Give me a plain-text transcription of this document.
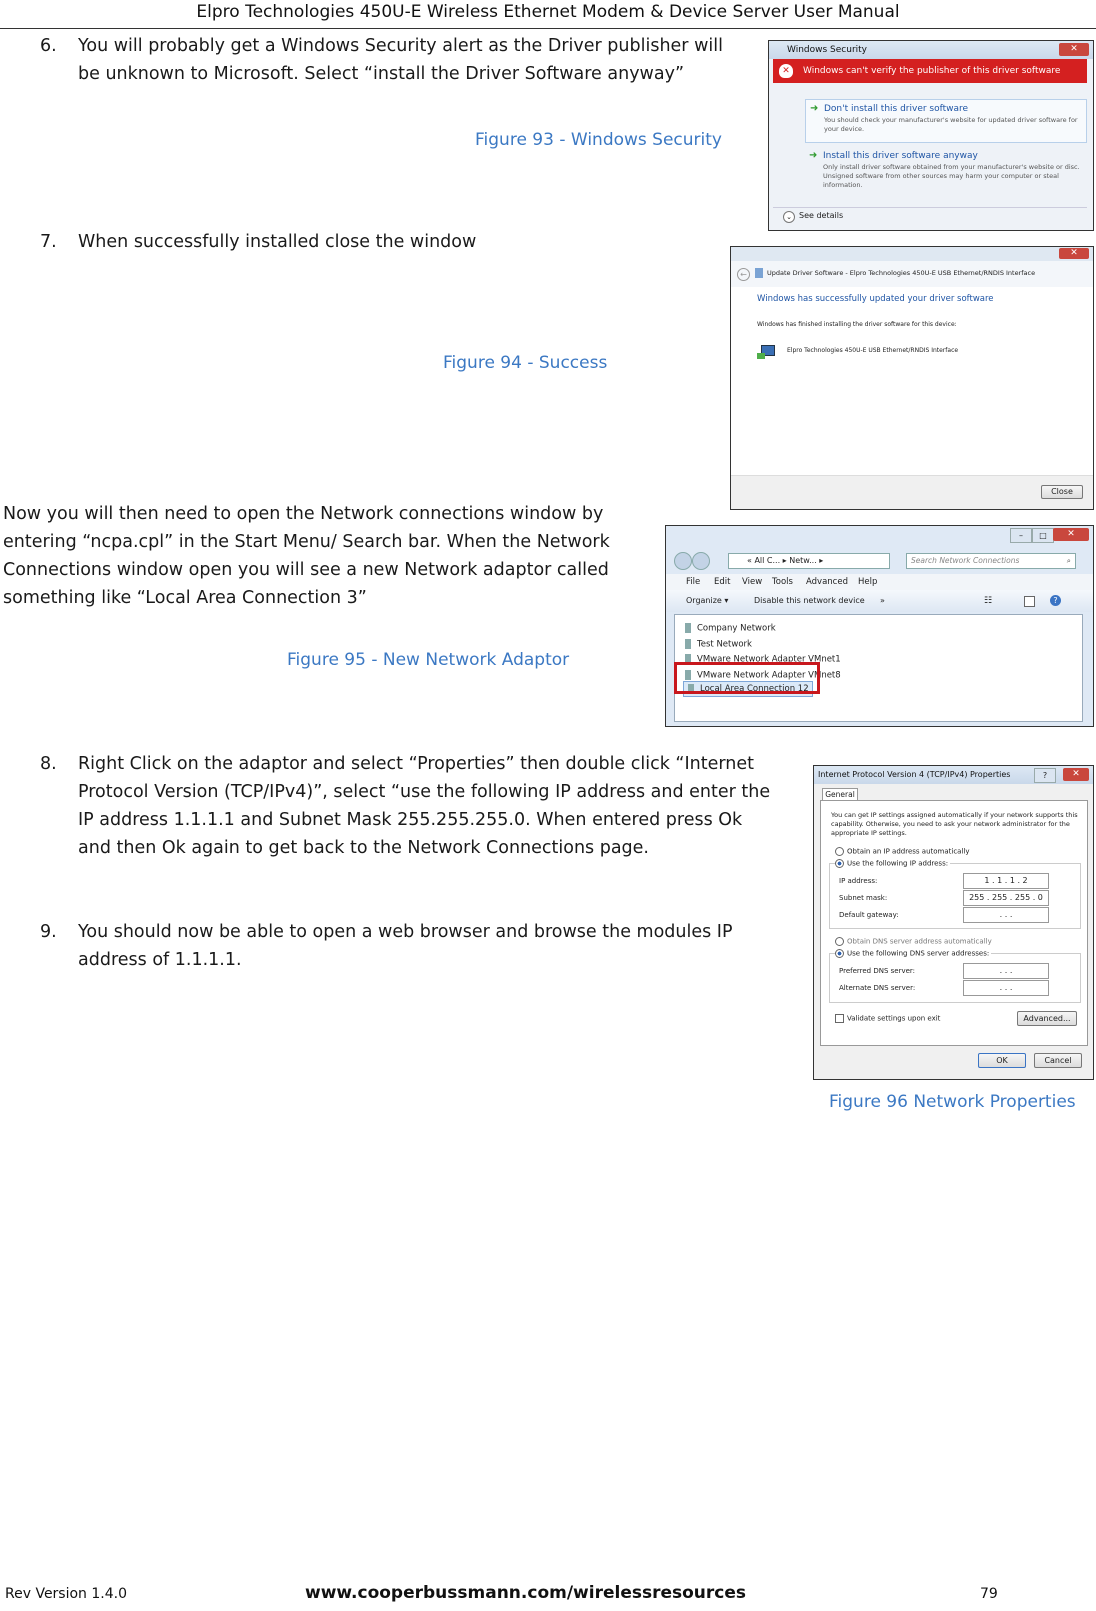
Elpro Technologies 450U-E Wireless Ethernet Modem & Device Server User Manual
6. You will probably get a Windows Security alert as the Driver publisher will
be unknown to Microsoft. Select “install the Driver Software anyway”
Figure 93 - Windows Security
Windows Security	✕
✕	Windows can't verify the publisher of this driver software
➜ Don't install this driver software
You should check your manufacturer's website for updated driver software for your device.
➜ Install this driver software anyway
Only install driver software obtained from your manufacturer's website or disc. Unsigned software from other sources may harm your computer or steal information.
⌄ See details
7. When successfully installed close the window
Figure 94 - Success
✕
←	Update Driver Software - Elpro Technologies 450U-E USB Ethernet/RNDIS Interface
Windows has successfully updated your driver software
Windows has finished installing the driver software for this device:
Elpro Technologies 450U-E USB Ethernet/RNDIS Interface
Close
Now you will then need to open the Network connections window by
entering “ncpa.cpl” in the Start Menu/ Search bar. When the Network
Connections window open you will see a new Network adaptor called
something like “Local Area Connection 3”
Figure 95 - New Network Adaptor
–	□	✕
« All C... ▸ Netw... ▸	Search Network Connections	⌕
File Edit View Tools Advanced Help
Organize ▾	Disable this network device »	☷	?
Company Network
Test Network
VMware Network Adapter VMnet1
VMware Network Adapter VMnet8
Local Area Connection 12
8. Right Click on the adaptor and select “Properties” then double click “Internet
Protocol Version (TCP/IPv4)”, select “use the following IP address and enter the
IP address 1.1.1.1 and Subnet Mask 255.255.255.0. When entered press Ok
and then Ok again to get back to the Network Connections page.
9. You should now be able to open a web browser and browse the modules IP
address of 1.1.1.1.
Internet Protocol Version 4 (TCP/IPv4) Properties	?	✕
General
You can get IP settings assigned automatically if your network supports this capability. Otherwise, you need to ask your network administrator for the appropriate IP settings.
Obtain an IP address automatically
Use the following IP address:
IP address:	1 . 1 . 1 . 2
Subnet mask:	255 . 255 . 255 . 0
Default gateway:	. . .
Obtain DNS server address automatically
Use the following DNS server addresses:
Preferred DNS server:	. . .
Alternate DNS server:	. . .
Validate settings upon exit	Advanced...
OK	Cancel
Figure 96 Network Properties
Rev Version 1.4.0	www.cooperbussmann.com/wirelessresources	79
